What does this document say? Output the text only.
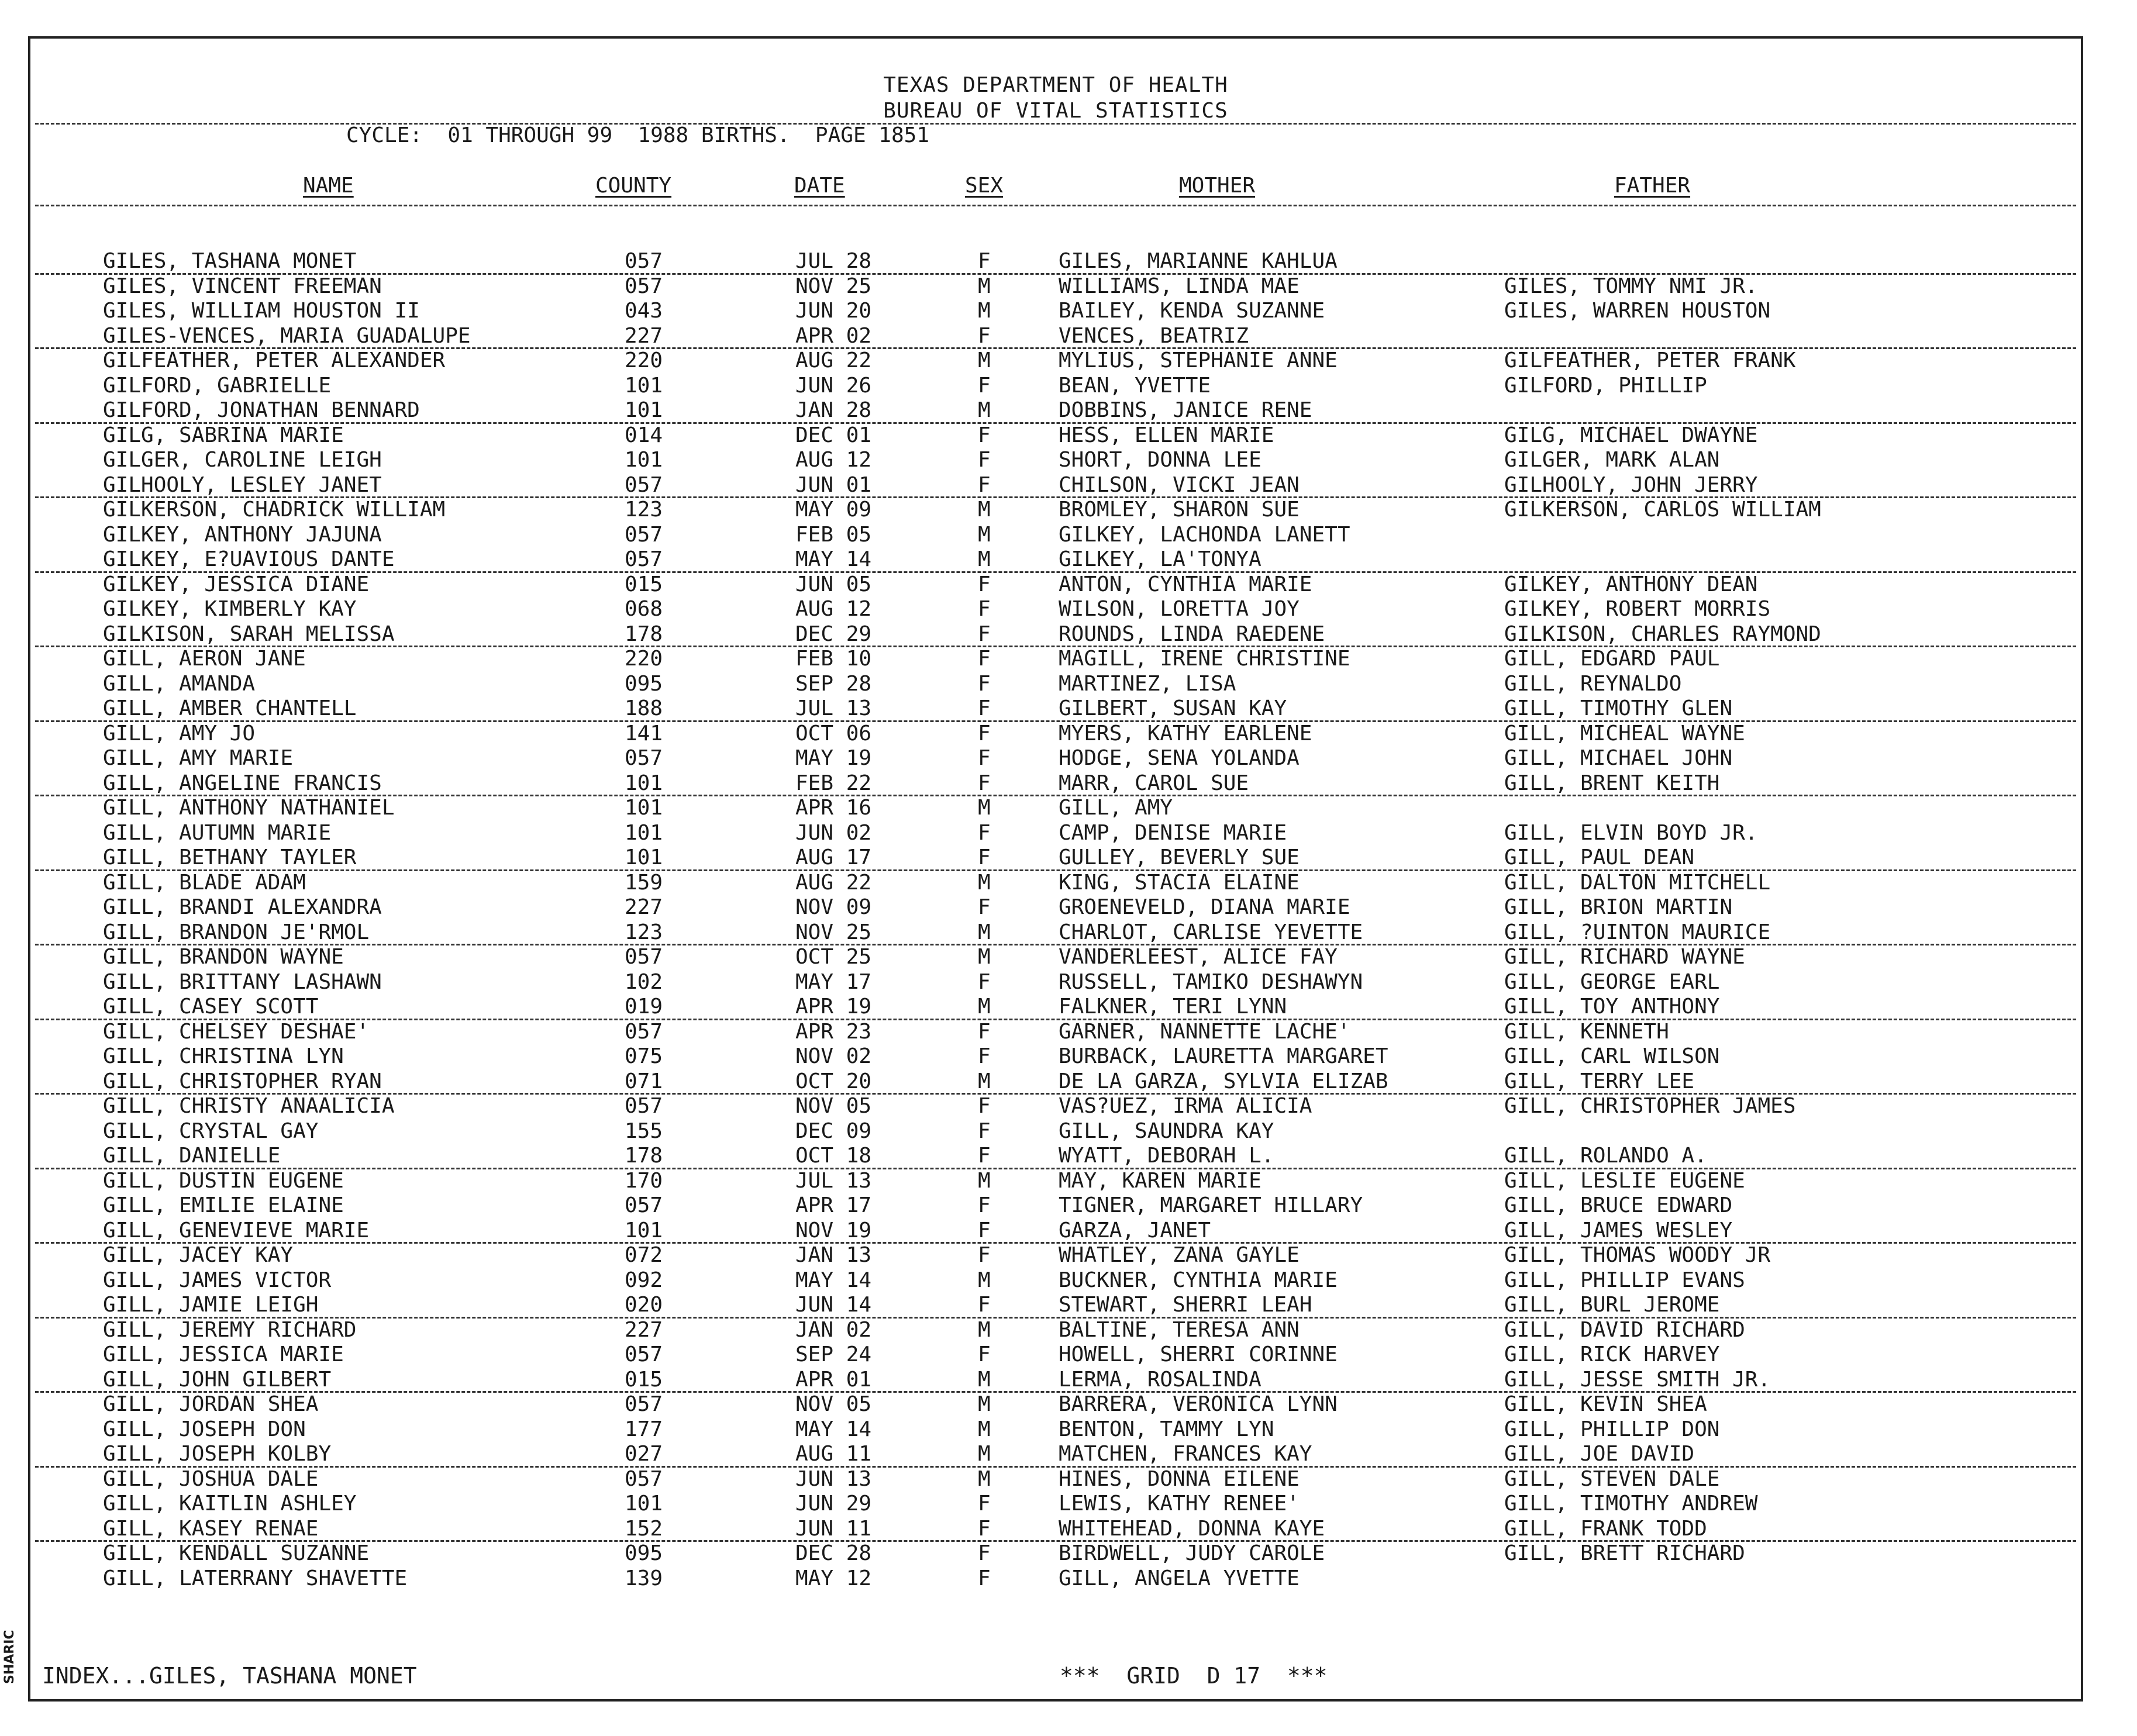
TEXAS DEPARTMENT OF HEALTH
BUREAU OF VITAL STATISTICS
CYCLE:  01 THROUGH 99  1988 BIRTHS.  PAGE 1851
NAME	COUNTY	DATE	SEX	MOTHER	FATHER
GILES, TASHANA MONET	057	JUL 28	F	GILES, MARIANNE KAHLUA
GILES, VINCENT FREEMAN	057	NOV 25	M	WILLIAMS, LINDA MAE	GILES, TOMMY NMI JR.
GILES, WILLIAM HOUSTON II	043	JUN 20	M	BAILEY, KENDA SUZANNE	GILES, WARREN HOUSTON
GILES-VENCES, MARIA GUADALUPE	227	APR 02	F	VENCES, BEATRIZ
GILFEATHER, PETER ALEXANDER	220	AUG 22	M	MYLIUS, STEPHANIE ANNE	GILFEATHER, PETER FRANK
GILFORD, GABRIELLE	101	JUN 26	F	BEAN, YVETTE	GILFORD, PHILLIP
GILFORD, JONATHAN BENNARD	101	JAN 28	M	DOBBINS, JANICE RENE
GILG, SABRINA MARIE	014	DEC 01	F	HESS, ELLEN MARIE	GILG, MICHAEL DWAYNE
GILGER, CAROLINE LEIGH	101	AUG 12	F	SHORT, DONNA LEE	GILGER, MARK ALAN
GILHOOLY, LESLEY JANET	057	JUN 01	F	CHILSON, VICKI JEAN	GILHOOLY, JOHN JERRY
GILKERSON, CHADRICK WILLIAM	123	MAY 09	M	BROMLEY, SHARON SUE	GILKERSON, CARLOS WILLIAM
GILKEY, ANTHONY JAJUNA	057	FEB 05	M	GILKEY, LACHONDA LANETT
GILKEY, E?UAVIOUS DANTE	057	MAY 14	M	GILKEY, LA'TONYA
GILKEY, JESSICA DIANE	015	JUN 05	F	ANTON, CYNTHIA MARIE	GILKEY, ANTHONY DEAN
GILKEY, KIMBERLY KAY	068	AUG 12	F	WILSON, LORETTA JOY	GILKEY, ROBERT MORRIS
GILKISON, SARAH MELISSA	178	DEC 29	F	ROUNDS, LINDA RAEDENE	GILKISON, CHARLES RAYMOND
GILL, AERON JANE	220	FEB 10	F	MAGILL, IRENE CHRISTINE	GILL, EDGARD PAUL
GILL, AMANDA	095	SEP 28	F	MARTINEZ, LISA	GILL, REYNALDO
GILL, AMBER CHANTELL	188	JUL 13	F	GILBERT, SUSAN KAY	GILL, TIMOTHY GLEN
GILL, AMY JO	141	OCT 06	F	MYERS, KATHY EARLENE	GILL, MICHEAL WAYNE
GILL, AMY MARIE	057	MAY 19	F	HODGE, SENA YOLANDA	GILL, MICHAEL JOHN
GILL, ANGELINE FRANCIS	101	FEB 22	F	MARR, CAROL SUE	GILL, BRENT KEITH
GILL, ANTHONY NATHANIEL	101	APR 16	M	GILL, AMY
GILL, AUTUMN MARIE	101	JUN 02	F	CAMP, DENISE MARIE	GILL, ELVIN BOYD JR.
GILL, BETHANY TAYLER	101	AUG 17	F	GULLEY, BEVERLY SUE	GILL, PAUL DEAN
GILL, BLADE ADAM	159	AUG 22	M	KING, STACIA ELAINE	GILL, DALTON MITCHELL
GILL, BRANDI ALEXANDRA	227	NOV 09	F	GROENEVELD, DIANA MARIE	GILL, BRION MARTIN
GILL, BRANDON JE'RMOL	123	NOV 25	M	CHARLOT, CARLISE YEVETTE	GILL, ?UINTON MAURICE
GILL, BRANDON WAYNE	057	OCT 25	M	VANDERLEEST, ALICE FAY	GILL, RICHARD WAYNE
GILL, BRITTANY LASHAWN	102	MAY 17	F	RUSSELL, TAMIKO DESHAWYN	GILL, GEORGE EARL
GILL, CASEY SCOTT	019	APR 19	M	FALKNER, TERI LYNN	GILL, TOY ANTHONY
GILL, CHELSEY DESHAE'	057	APR 23	F	GARNER, NANNETTE LACHE'	GILL, KENNETH
GILL, CHRISTINA LYN	075	NOV 02	F	BURBACK, LAURETTA MARGARET	GILL, CARL WILSON
GILL, CHRISTOPHER RYAN	071	OCT 20	M	DE LA GARZA, SYLVIA ELIZAB	GILL, TERRY LEE
GILL, CHRISTY ANAALICIA	057	NOV 05	F	VAS?UEZ, IRMA ALICIA	GILL, CHRISTOPHER JAMES
GILL, CRYSTAL GAY	155	DEC 09	F	GILL, SAUNDRA KAY
GILL, DANIELLE	178	OCT 18	F	WYATT, DEBORAH L.	GILL, ROLANDO A.
GILL, DUSTIN EUGENE	170	JUL 13	M	MAY, KAREN MARIE	GILL, LESLIE EUGENE
GILL, EMILIE ELAINE	057	APR 17	F	TIGNER, MARGARET HILLARY	GILL, BRUCE EDWARD
GILL, GENEVIEVE MARIE	101	NOV 19	F	GARZA, JANET	GILL, JAMES WESLEY
GILL, JACEY KAY	072	JAN 13	F	WHATLEY, ZANA GAYLE	GILL, THOMAS WOODY JR
GILL, JAMES VICTOR	092	MAY 14	M	BUCKNER, CYNTHIA MARIE	GILL, PHILLIP EVANS
GILL, JAMIE LEIGH	020	JUN 14	F	STEWART, SHERRI LEAH	GILL, BURL JEROME
GILL, JEREMY RICHARD	227	JAN 02	M	BALTINE, TERESA ANN	GILL, DAVID RICHARD
GILL, JESSICA MARIE	057	SEP 24	F	HOWELL, SHERRI CORINNE	GILL, RICK HARVEY
GILL, JOHN GILBERT	015	APR 01	M	LERMA, ROSALINDA	GILL, JESSE SMITH JR.
GILL, JORDAN SHEA	057	NOV 05	M	BARRERA, VERONICA LYNN	GILL, KEVIN SHEA
GILL, JOSEPH DON	177	MAY 14	M	BENTON, TAMMY LYN	GILL, PHILLIP DON
GILL, JOSEPH KOLBY	027	AUG 11	M	MATCHEN, FRANCES KAY	GILL, JOE DAVID
GILL, JOSHUA DALE	057	JUN 13	M	HINES, DONNA EILENE	GILL, STEVEN DALE
GILL, KAITLIN ASHLEY	101	JUN 29	F	LEWIS, KATHY RENEE'	GILL, TIMOTHY ANDREW
GILL, KASEY RENAE	152	JUN 11	F	WHITEHEAD, DONNA KAYE	GILL, FRANK TODD
GILL, KENDALL SUZANNE	095	DEC 28	F	BIRDWELL, JUDY CAROLE	GILL, BRETT RICHARD
GILL, LATERRANY SHAVETTE	139	MAY 12	F	GILL, ANGELA YVETTE
INDEX...GILES, TASHANA MONET	***  GRID  D 17  ***
SHARIC
